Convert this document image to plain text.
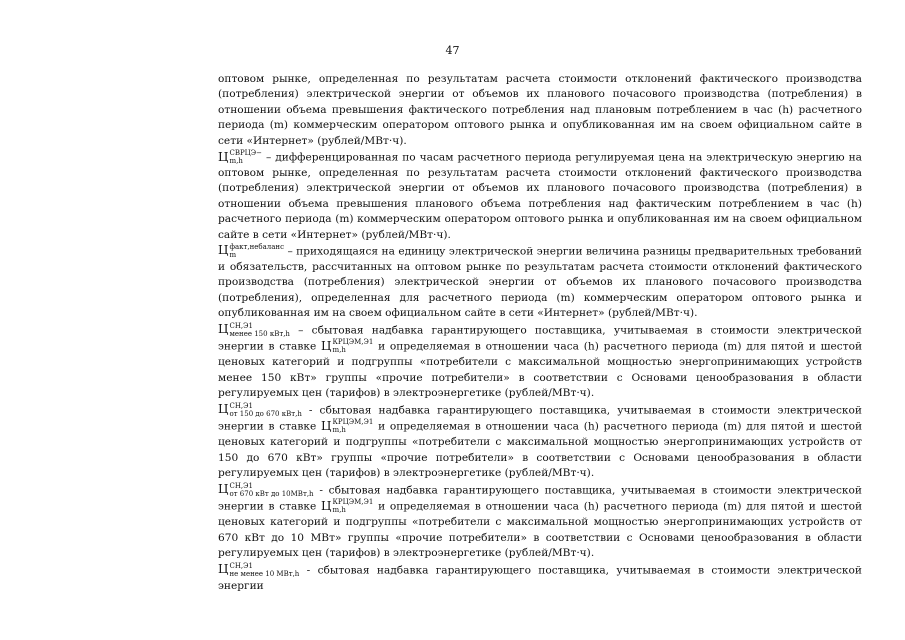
47

оптовом рынке, определенная по результатам расчета стоимости отклонений фактического производства (потребления) электрической энергии от объемов их планового почасового производства (потребления) в отношении объема превышения фактического потребления над плановым потреблением в час (h) расчетного периода (m) коммерческим оператором оптового рынка и опубликованная им на своем официальном сайте в сети «Интернет» (рублей/МВт·ч).

Ц СВРЦЭ−
m,h	– дифференцированная по часам расчетного периода регулируемая цена на электрическую энергию на оптовом рынке, определенная по результатам расчета стоимости отклонений фактического производства (потребления) электрической энергии от объемов их планового почасового производства (потребления) в отношении объема превышения планового объема потребления над фактическим потреблением в час (h) расчетного периода (m) коммерческим оператором оптового рынка и опубликованная им на своем официальном сайте в сети «Интернет» (рублей/МВт·ч).

Ц факт,небаланс
m	– приходящаяся на единицу электрической энергии величина разницы предварительных требований и обязательств, рассчитанных на оптовом рынке по результатам расчета стоимости отклонений фактического производства (потребления) электрической энергии от объемов их планового почасового производства (потребления), определенная для расчетного периода (m) коммерческим оператором оптового рынка и опубликованная им на своем официальном сайте в сети «Интернет» (рублей/МВт·ч).

Ц СН,Э1
менее 150 кВт,h – сбытовая надбавка гарантирующего поставщика, учитываемая в стоимости электрической энергии в ставке Ц КРЦЭМ,Э1
m,h	и определяемая в отношении часа (h) расчетного периода (m) для пятой и шестой ценовых категорий и подгруппы «потребители с максимальной мощностью энергопринимающих устройств менее 150 кВт» группы «прочие потребители» в соответствии с Основами ценообразования в области регулируемых цен (тарифов) в электроэнергетике (рублей/МВт·ч).

Ц СН,Э1
от 150 до 670 кВт,h - сбытовая надбавка гарантирующего поставщика, учитываемая в стоимости электрической энергии в ставке Ц КРЦЭМ,Э1
m,h	и определяемая в отношении часа (h) расчетного периода (m) для пятой и шестой ценовых категорий и подгруппы «потребители с максимальной мощностью энергопринимающих устройств от 150 до 670 кВт» группы «прочие потребители» в соответствии с Основами ценообразования в области регулируемых цен (тарифов) в электроэнергетике (рублей/МВт·ч).

Ц СН,Э1
от 670 кВт до 10МВт,h - сбытовая надбавка гарантирующего поставщика, учитываемая в стоимости электрической энергии в ставке Ц КРЦЭМ,Э1
m,h	и определяемая в отношении часа (h) расчетного периода (m) для пятой и шестой ценовых категорий и подгруппы «потребители с максимальной мощностью энергопринимающих устройств от 670 кВт до 10 МВт» группы «прочие потребители» в соответствии с Основами ценообразования в области регулируемых цен (тарифов) в электроэнергетике (рублей/МВт·ч).

Ц СН,Э1
не менее 10 МВт,h - сбытовая надбавка гарантирующего поставщика, учитываемая в стоимости электрической энергии
